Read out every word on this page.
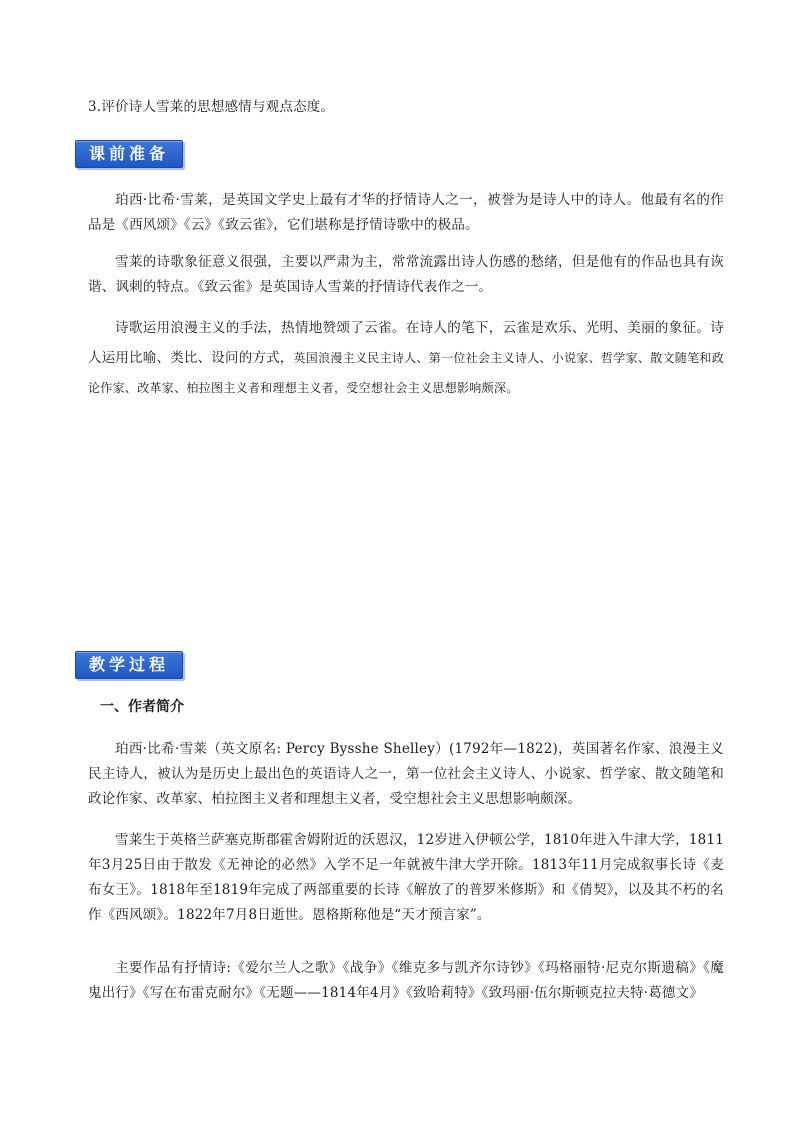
3.评价诗人雪莱的思想感情与观点态度。

课前准备

珀西·比希·雪莱，是英国文学史上最有才华的抒情诗人之一，被誉为是诗人中的诗人。他最有名的作品是《西风颂》《云》《致云雀》，它们堪称是抒情诗歌中的极品。

雪莱的诗歌象征意义很强，主要以严肃为主，常常流露出诗人伤感的愁绪，但是他有的作品也具有诙谐、讽刺的特点。《致云雀》是英国诗人雪莱的抒情诗代表作之一。

诗歌运用浪漫主义的手法，热情地赞颂了云雀。在诗人的笔下，云雀是欢乐、光明、美丽的象征。诗人运用比喻、类比、设问的方式，英国浪漫主义民主诗人、第一位社会主义诗人、小说家、哲学家、散文随笔和政论作家、改革家、柏拉图主义者和理想主义者，受空想社会主义思想影响颇深。

教学过程
一、作者简介

珀西·比希·雪莱（英文原名: Percy Bysshe Shelley）(1792年—1822)，英国著名作家、浪漫主义民主诗人，被认为是历史上最出色的英语诗人之一，第一位社会主义诗人、小说家、哲学家、散文随笔和政论作家、改革家、柏拉图主义者和理想主义者，受空想社会主义思想影响颇深。

雪莱生于英格兰萨塞克斯郡霍舍姆附近的沃恩汉，12岁进入伊顿公学，1810年进入牛津大学，1811年3月25日由于散发《无神论的必然》入学不足一年就被牛津大学开除。1813年11月完成叙事长诗《麦布女王》。1818年至1819年完成了两部重要的长诗《解放了的普罗米修斯》和《倩契》，以及其不朽的名作《西风颂》。1822年7月8日逝世。恩格斯称他是“天才预言家”。

主要作品有抒情诗:《爱尔兰人之歌》《战争》《维克多与凯齐尔诗钞》《玛格丽特·尼克尔斯遗稿》《魔鬼出行》《写在布雷克耐尔》《无题——1814年4月》《致哈莉特》《致玛丽·伍尔斯顿克拉夫特·葛德文》
